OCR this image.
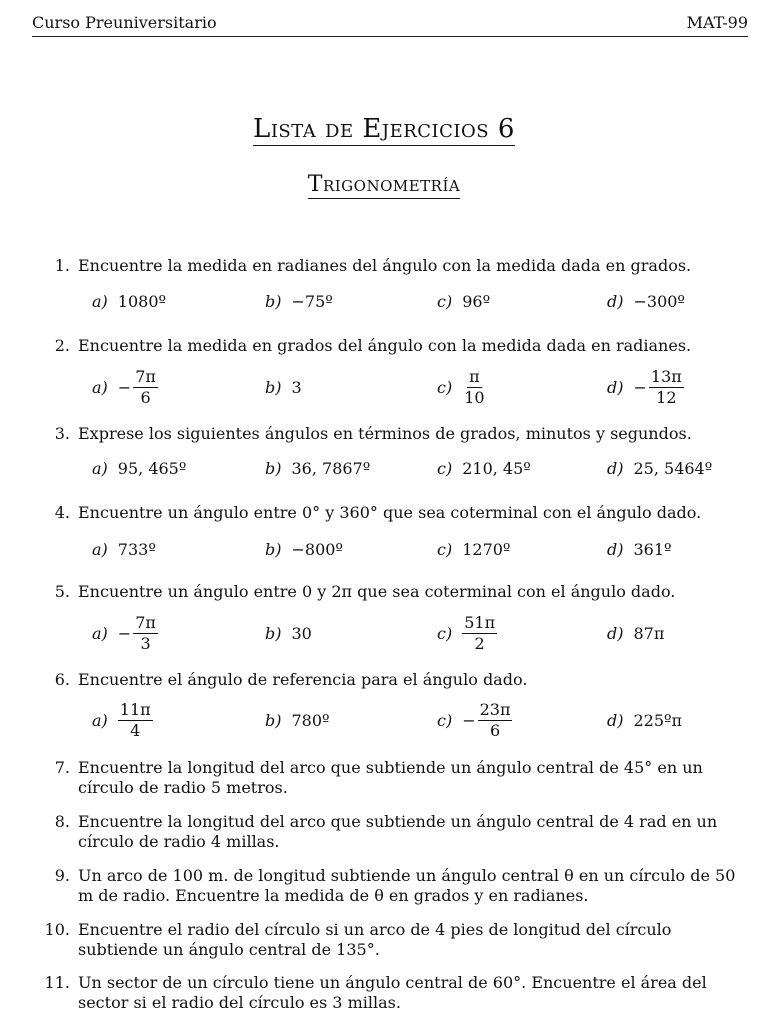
Curso Preuniversitario	MAT-99
Lista de Ejercicios 6
Trigonometría
1. Encuentre la medida en radianes del ángulo con la medida dada en grados.
a) 1080º	b) −75º	c) 96º	d) −300º
2. Encuentre la medida en grados del ángulo con la medida dada en radianes.
$a) - \frac{7\pi}{6}$	b) 3	$c) \frac{\pi}{10}$	$d) - \frac{13\pi}{12}$
3. Exprese los siguientes ángulos en términos de grados, minutos y segundos.
a) 95, 465º	b) 36, 7867º	c) 210, 45º	d) 25, 5464º
4. Encuentre un ángulo entre 0° y 360° que sea coterminal con el ángulo dado.
a) 733º	b) −800º	c) 1270º	d) 361º
5. Encuentre un ángulo entre 0 y 2π que sea coterminal con el ángulo dado.
$a) - \frac{7\pi}{3}$	b) 30	$c) \frac{51\pi}{2}$	d) 87π
6. Encuentre el ángulo de referencia para el ángulo dado.
$a) \frac{11\pi}{4}$	b) 780º	$c) - \frac{23\pi}{6}$	d) 225ºπ
7. Encuentre la longitud del arco que subtiende un ángulo central de 45° en un círculo de radio 5 metros.
8. Encuentre la longitud del arco que subtiende un ángulo central de 4 rad en un círculo de radio 4 millas.
9. Un arco de 100 m. de longitud subtiende un ángulo central θ en un círculo de 50 m de radio. Encuentre la medida de θ en grados y en radianes.
10. Encuentre el radio del círculo si un arco de 4 pies de longitud del círculo subtiende un ángulo central de 135°.
11. Un sector de un círculo tiene un ángulo central de 60°. Encuentre el área del sector si el radio del círculo es 3 millas.
